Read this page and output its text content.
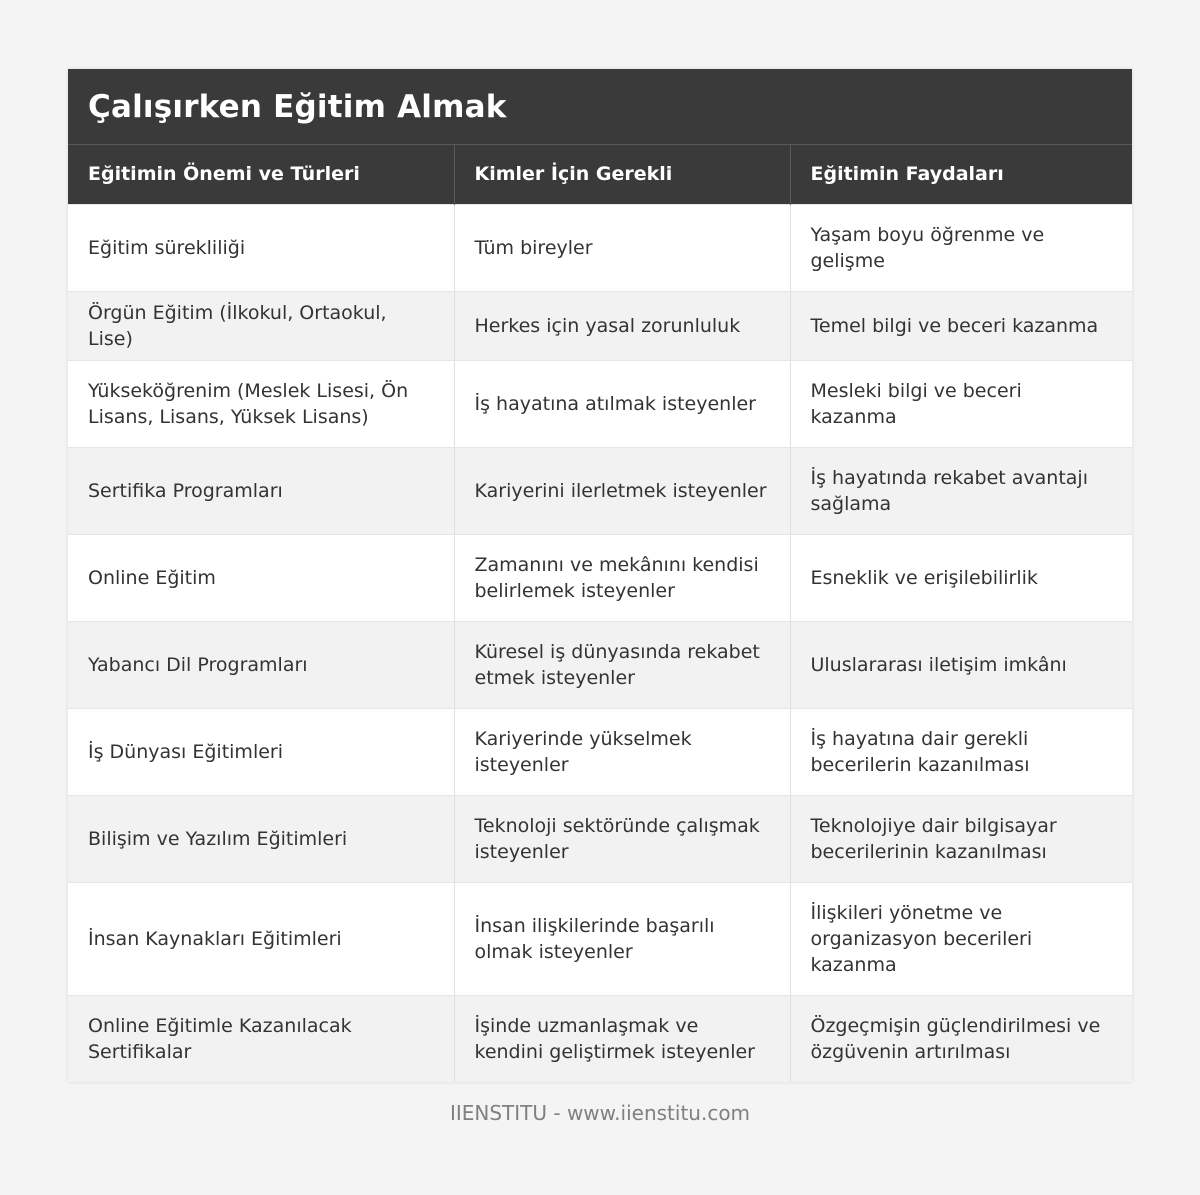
Çalışırken Eğitim Almak
Eğitimin Önemi ve Türleri	Kimler İçin Gerekli	Eğitimin Faydaları
Eğitim sürekliliği	Tüm bireyler	Yaşam boyu öğrenme ve gelişme
Örgün Eğitim (İlkokul, Ortaokul, Lise)	Herkes için yasal zorunluluk	Temel bilgi ve beceri kazanma
Yükseköğrenim (Meslek Lisesi, Ön Lisans, Lisans, Yüksek Lisans)	İş hayatına atılmak isteyenler	Mesleki bilgi ve beceri kazanma
Sertifika Programları	Kariyerini ilerletmek isteyenler	İş hayatında rekabet avantajı sağlama
Online Eğitim	Zamanını ve mekânını kendisi belirlemek isteyenler	Esneklik ve erişilebilirlik
Yabancı Dil Programları	Küresel iş dünyasında rekabet etmek isteyenler	Uluslararası iletişim imkânı
İş Dünyası Eğitimleri	Kariyerinde yükselmek isteyenler	İş hayatına dair gerekli becerilerin kazanılması
Bilişim ve Yazılım Eğitimleri	Teknoloji sektöründe çalışmak isteyenler	Teknolojiye dair bilgisayar becerilerinin kazanılması
İnsan Kaynakları Eğitimleri	İnsan ilişkilerinde başarılı olmak isteyenler	İlişkileri yönetme ve organizasyon becerileri kazanma
Online Eğitimle Kazanılacak Sertifikalar	İşinde uzmanlaşmak ve kendini geliştirmek isteyenler	Özgeçmişin güçlendirilmesi ve özgüvenin artırılması
IIENSTITU - www.iienstitu.com
